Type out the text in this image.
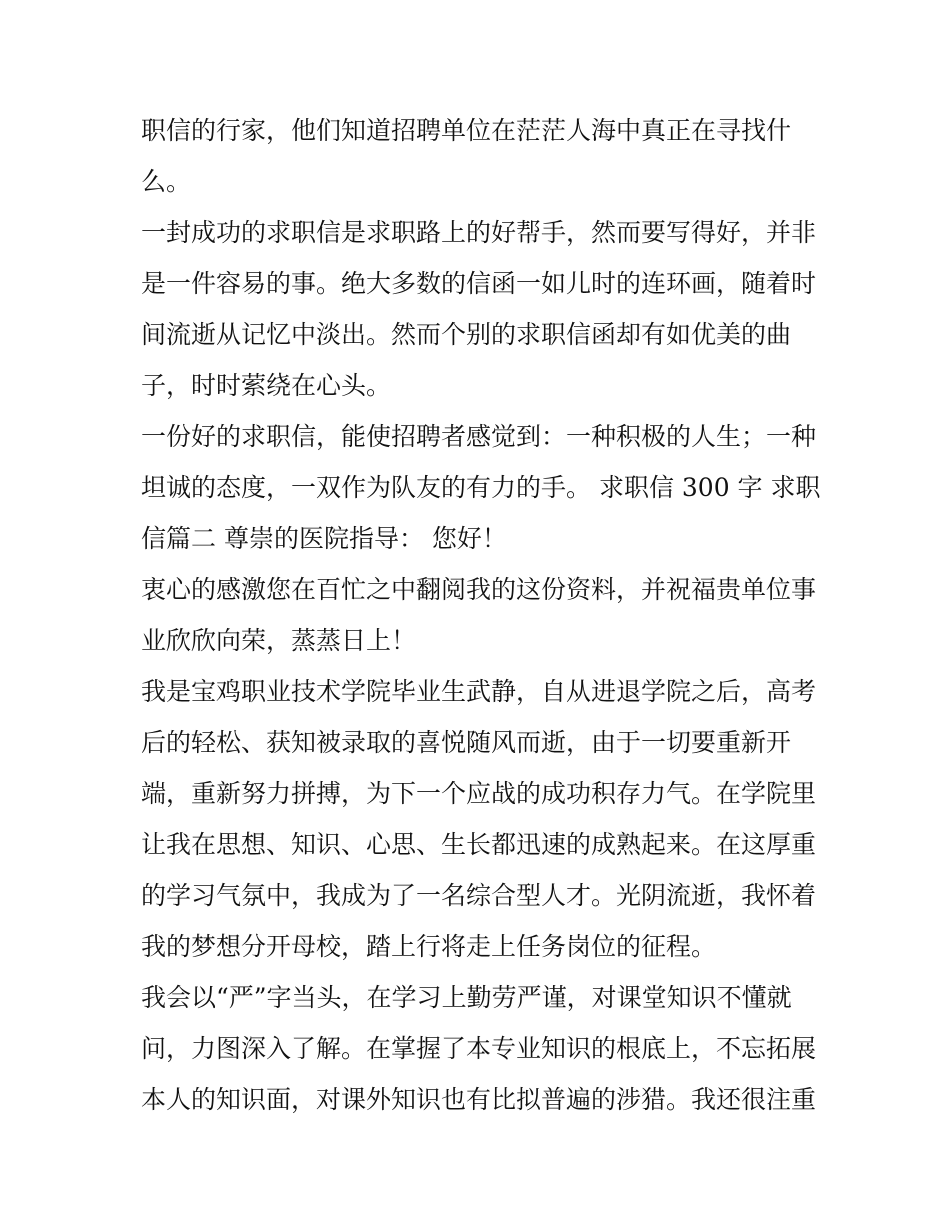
职信的行家，他们知道招聘单位在茫茫人海中真正在寻找什
么。
一封成功的求职信是求职路上的好帮手，然而要写得好，并非
是一件容易的事。绝大多数的信函一如儿时的连环画，随着时
间流逝从记忆中淡出。然而个别的求职信函却有如优美的曲
子，时时萦绕在心头。
一份好的求职信，能使招聘者感觉到：一种积极的人生；一种
坦诚的态度，一双作为队友的有力的手。 求职信 300 字 求职
信篇二 尊崇的医院指导： 您好！
衷心的感激您在百忙之中翻阅我的这份资料，并祝福贵单位事
业欣欣向荣，蒸蒸日上！
我是宝鸡职业技术学院毕业生武静，自从进退学院之后，高考
后的轻松、获知被录取的喜悦随风而逝，由于一切要重新开
端，重新努力拼搏，为下一个应战的成功积存力气。在学院里
让我在思想、知识、心思、生长都迅速的成熟起来。在这厚重
的学习气氛中，我成为了一名综合型人才。光阴流逝，我怀着
我的梦想分开母校，踏上行将走上任务岗位的征程。
我会以“严”字当头，在学习上勤劳严谨，对课堂知识不懂就
问，力图深入了解。在掌握了本专业知识的根底上，不忘拓展
本人的知识面，对课外知识也有比拟普遍的涉猎。我还很注重
